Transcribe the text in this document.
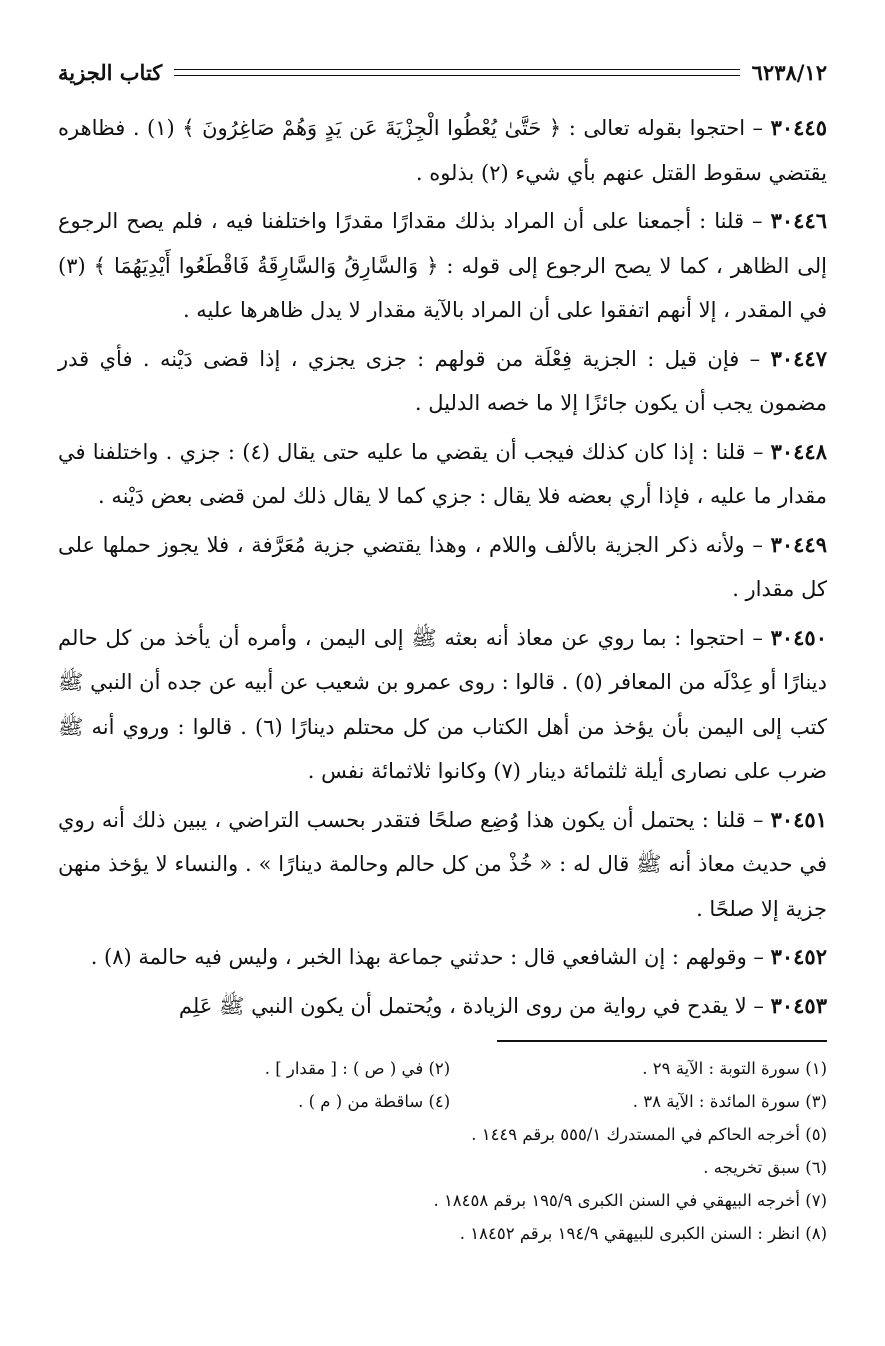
٦٢٣٨/١٢
كتاب الجزية

٣٠٤٤٥ – احتجوا بقوله تعالى : ﴿ حَتَّىٰ يُعْطُوا الْجِزْيَةَ عَن يَدٍ وَهُمْ صَاغِرُونَ ﴾ (١) . فظاهره يقتضي سقوط القتل عنهم بأي شيء (٢) بذلوه .

٣٠٤٤٦ – قلنا : أجمعنا على أن المراد بذلك مقدارًا مقدرًا واختلفنا فيه ، فلم يصح الرجوع إلى الظاهر ، كما لا يصح الرجوع إلى قوله : ﴿ وَالسَّارِقُ وَالسَّارِقَةُ فَاقْطَعُوا أَيْدِيَهُمَا ﴾ (٣) في المقدر ، إلا أنهم اتفقوا على أن المراد بالآية مقدار لا يدل ظاهرها عليه .

٣٠٤٤٧ – فإن قيل : الجزية فِعْلَة من قولهم : جزى يجزي ، إذا قضى دَيْنه . فأي قدر مضمون يجب أن يكون جائزًا إلا ما خصه الدليل .

٣٠٤٤٨ – قلنا : إذا كان كذلك فيجب أن يقضي ما عليه حتى يقال (٤) : جزي . واختلفنا في مقدار ما عليه ، فإذا أري بعضه فلا يقال : جزي كما لا يقال ذلك لمن قضى بعض دَيْنه .

٣٠٤٤٩ – ولأنه ذكر الجزية بالألف واللام ، وهذا يقتضي جزية مُعَرَّفة ، فلا يجوز حملها على كل مقدار .

٣٠٤٥٠ – احتجوا : بما روي عن معاذ أنه بعثه ﷺ إلى اليمن ، وأمره أن يأخذ من كل حالم دينارًا أو عِدْلَه من المعافر (٥) . قالوا : روى عمرو بن شعيب عن أبيه عن جده أن النبي ﷺ كتب إلى اليمن بأن يؤخذ من أهل الكتاب من كل محتلم دينارًا (٦) . قالوا : وروي أنه ﷺ ضرب على نصارى أيلة ثلثمائة دينار (٧) وكانوا ثلاثمائة نفس .

٣٠٤٥١ – قلنا : يحتمل أن يكون هذا وُضِع صلحًا فتقدر بحسب التراضي ، يبين ذلك أنه روي في حديث معاذ أنه ﷺ قال له : « خُذْ من كل حالم وحالمة دينارًا » . والنساء لا يؤخذ منهن جزية إلا صلحًا .

٣٠٤٥٢ – وقولهم : إن الشافعي قال : حدثني جماعة بهذا الخبر ، وليس فيه حالمة (٨) .

٣٠٤٥٣ – لا يقدح في رواية من روى الزيادة ، ويُحتمل أن يكون النبي ﷺ عَلِم

(١) سورة التوبة : الآية ٢٩ .
(٢) في ( ص ) : [ مقدار ] .
(٣) سورة المائدة : الآية ٣٨ .
(٤) ساقطة من ( م ) .
(٥) أخرجه الحاكم في المستدرك ٥٥٥/١ برقم ١٤٤٩ .
(٦) سبق تخريجه .
(٧) أخرجه البيهقي في السنن الكبرى ١٩٥/٩ برقم ١٨٤٥٨ .
(٨) انظر : السنن الكبرى للبيهقي ١٩٤/٩ برقم ١٨٤٥٢ .
